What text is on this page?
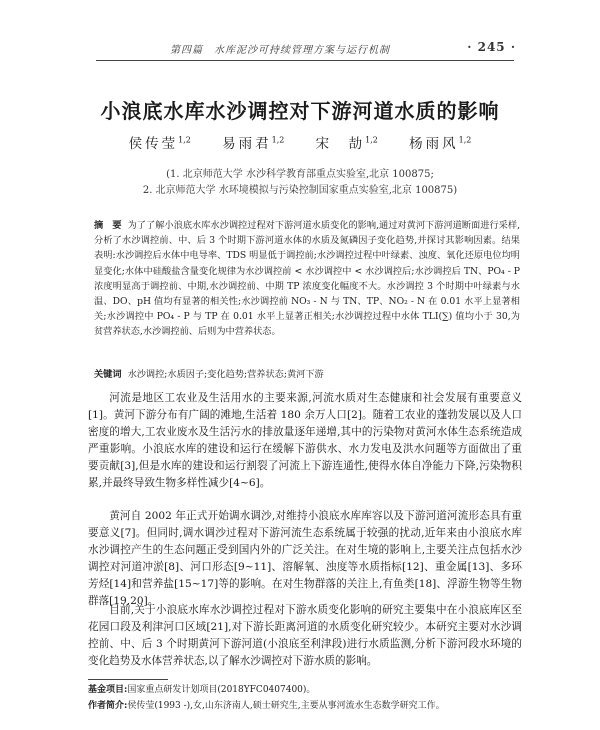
第四篇　水库泥沙可持续管理方案与运行机制	· 245 ·
小浪底水库水沙调控对下游河道水质的影响
侯传莹$^{1,2}$ 易雨君$^{1,2}$ 宋　劼$^{1,2}$ 杨雨风$^{1,2}$
(1. 北京师范大学 水沙科学教育部重点实验室,北京 100875;
2. 北京师范大学 水环境模拟与污染控制国家重点实验室,北京 100875)
摘　要 为了了解小浪底水库水沙调控过程对下游河道水质变化的影响,通过对黄河下游河道断面进行采样,分析了水沙调控前、中、后 3 个时期下游河道水体的水质及氮磷因子变化趋势,并探讨其影响因素。结果表明:水沙调控后水体中电导率、TDS 明显低于调控前;水沙调控过程中叶绿素、浊度、氧化还原电位均明显变化;水体中硅酸盐含量变化规律为水沙调控前 < 水沙调控中 < 水沙调控后;水沙调控后 TN、PO₄ - P 浓度明显高于调控前、中期,水沙调控前、中期 TP 浓度变化幅度不大。水沙调控 3 个时期中叶绿素与水温、DO、pH 值均有显著的相关性;水沙调控前 NO₃ - N 与 TN、TP、NO₂ - N 在 0.01 水平上显著相关;水沙调控中 PO₄ - P 与 TP 在 0.01 水平上显著正相关;水沙调控过程中水体 TLI(∑) 值均小于 30,为贫营养状态,水沙调控前、后则为中营养状态。
关键词 水沙调控;水质因子;变化趋势;营养状态;黄河下游
河流是地区工农业及生活用水的主要来源,河流水质对生态健康和社会发展有重要意义[1]。黄河下游分布有广阔的滩地,生活着 180 余万人口[2]。随着工农业的蓬勃发展以及人口密度的增大,工农业废水及生活污水的排放量逐年递增,其中的污染物对黄河水体生态系统造成严重影响。小浪底水库的建设和运行在缓解下游供水、水力发电及洪水问题等方面做出了重要贡献[3],但是水库的建设和运行割裂了河流上下游连通性,使得水体自净能力下降,污染物积累,并最终导致生物多样性减少[4~6]。
黄河自 2002 年正式开始调水调沙,对维持小浪底水库库容以及下游河道河流形态具有重要意义[7]。但同时,调水调沙过程对下游河流生态系统属于较强的扰动,近年来由小浪底水库水沙调控产生的生态问题正受到国内外的广泛关注。在对生境的影响上,主要关注点包括水沙调控对河道冲淤[8]、河口形态[9~11]、溶解氧、浊度等水质指标[12]、重金属[13]、多环芳烃[14]和营养盐[15~17]等的影响。在对生物群落的关注上,有鱼类[18]、浮游生物等生物群落[19,20]。
目前,关于小浪底水库水沙调控过程对下游水质变化影响的研究主要集中在小浪底库区至花园口段及利津河口区域[21],对下游长距离河道的水质变化研究较少。本研究主要对水沙调控前、中、后 3 个时期黄河下游河道(小浪底至利津段)进行水质监测,分析下游河段水环境的变化趋势及水体营养状态,以了解水沙调控对下游水质的影响。
基金项目:国家重点研发计划项目(2018YFC0407400)。
作者简介:侯传莹(1993 -),女,山东济南人,硕士研究生,主要从事河流水生态数学研究工作。
